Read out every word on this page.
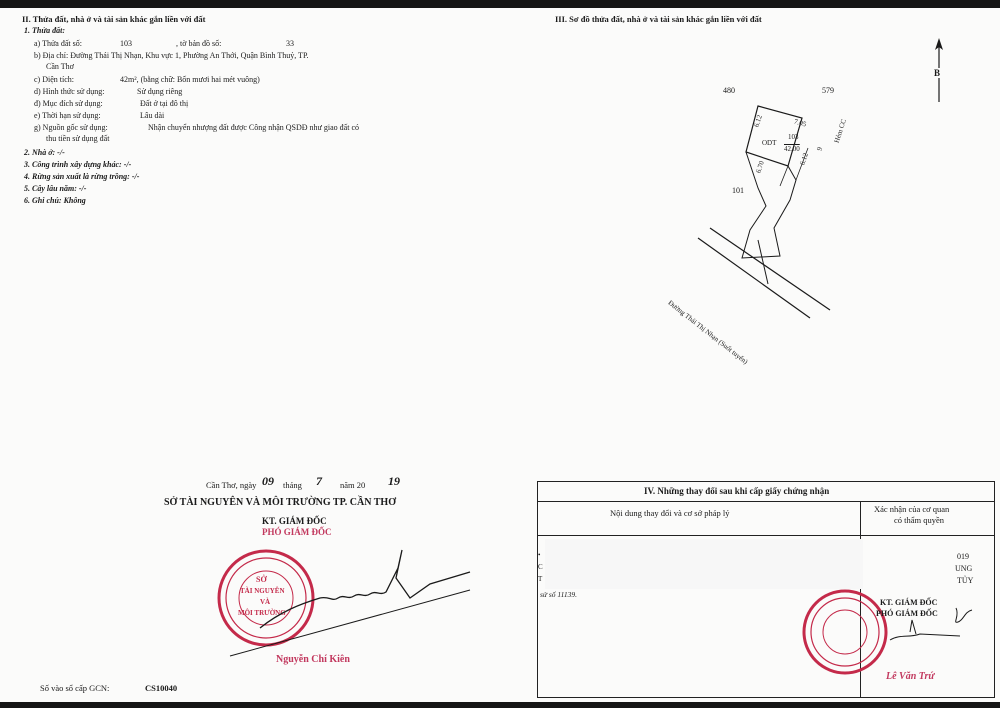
II. Thửa đất, nhà ở và tài sản khác gắn liền với đất
1. Thửa đất:
a) Thửa đất số:	103	, tờ bản đồ số:	33
b) Địa chỉ: Đường Thái Thị Nhạn, Khu vực 1, Phường An Thới, Quận Bình Thuỷ, TP.
Cần Thơ
c) Diện tích:	42m², (bằng chữ: Bốn mươi hai mét vuông)
d) Hình thức sử dụng:	Sử dụng riêng
đ) Mục đích sử dụng:	Đất ở tại đô thị
e) Thời hạn sử dụng:	Lâu dài
g) Nguồn gốc sử dụng:	Nhận chuyển nhượng đất được Công nhận QSDĐ như giao đất có
thu tiền sử dụng đất
2. Nhà ở: -/-
3. Công trình xây dựng khác: -/-
4. Rừng sản xuất là rừng trồng: -/-
5. Cây lâu năm: -/-
6. Ghi chú: Không
III. Sơ đồ thửa đất, nhà ở và tài sản khác gắn liền với đất
B
480	579
101
ODT
103
42.00
7.05
6.12
6.70
6.12
9
Hẻm CC
Đường Thái Thị Nhạn (Suốt tuyến)
Cần Thơ, ngày 09 tháng 7 năm 20 19
SỞ TÀI NGUYÊN VÀ MÔI TRƯỜNG TP. CẦN THƠ
KT. GIÁM ĐỐC
PHÓ GIÁM ĐỐC
SỞ
TÀI NGUYÊN
VÀ
MÔI TRƯỜNG
Nguyễn Chí Kiên
Số vào sổ cấp GCN:	CS10040
IV. Những thay đổi sau khi cấp giấy chứng nhận
Nội dung thay đổi và cơ sở pháp lý	Xác nhận của cơ quan
có thẩm quyền
•
C
T
019
UNG
TỦY
sử số 11139.
KT. GIÁM ĐỐC
PHÓ GIÁM ĐỐC
Lê Văn Trứ
